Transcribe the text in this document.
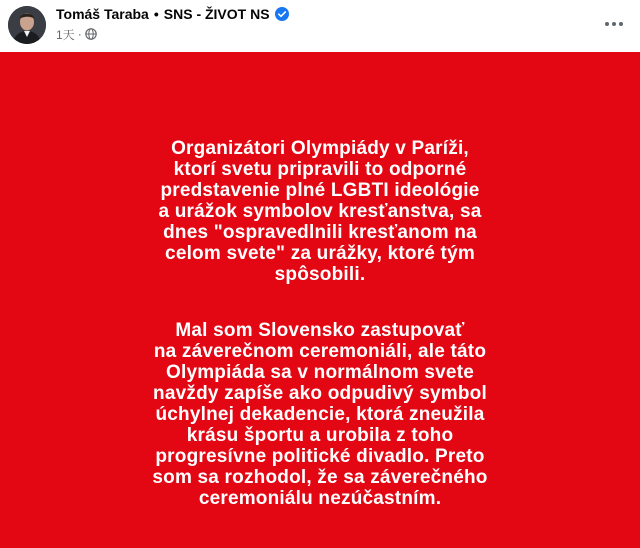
Tomáš Taraba • SNS - ŽIVOT NS
1天 ·

Organizátori Olympiády v Paríži,
ktorí svetu pripravili to odporné
predstavenie plné LGBTI ideológie
a urážok symbolov kresťanstva, sa
dnes "ospravedlnili kresťanom na
celom svete" za urážky, ktoré tým
spôsobili.

Mal som Slovensko zastupovať
na záverečnom ceremoniáli, ale táto
Olympiáda sa v normálnom svete
navždy zapíše ako odpudivý symbol
úchylnej dekadencie, ktorá zneužila
krásu športu a urobila z toho
progresívne politické divadlo. Preto
som sa rozhodol, že sa záverečného
ceremoniálu nezúčastním.
